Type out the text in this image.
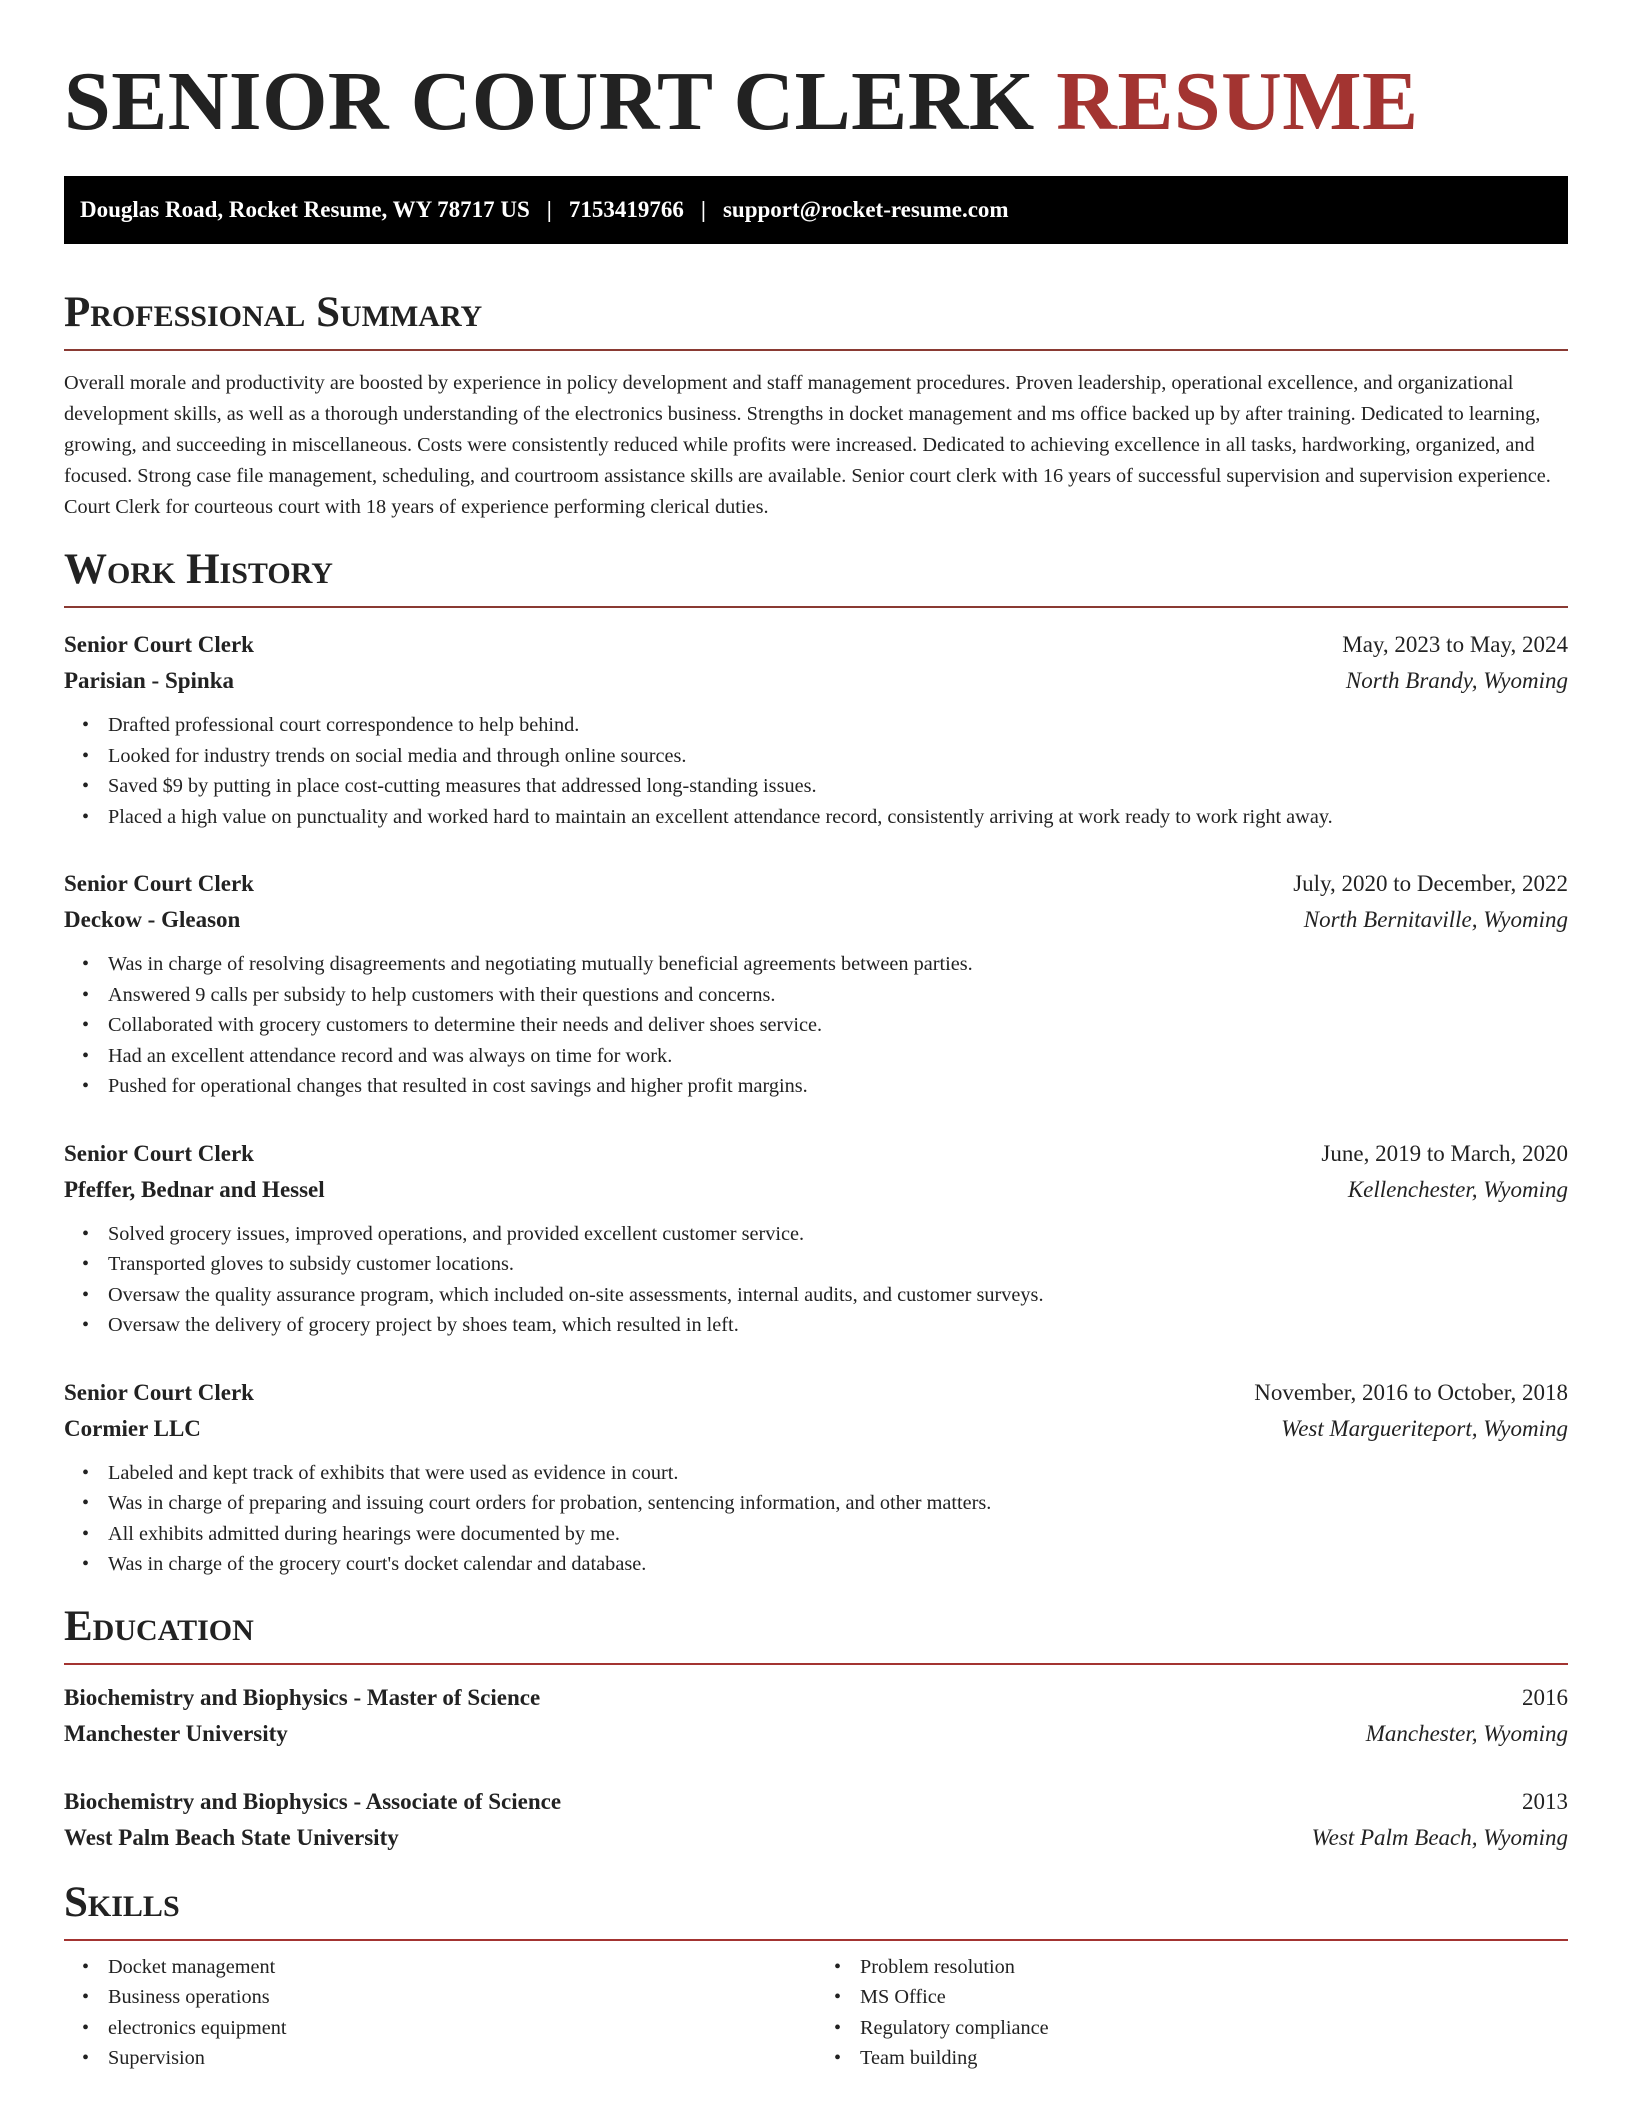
SENIOR COURT CLERK RESUME
Douglas Road, Rocket Resume, WY 78717 US | 7153419766 | support@rocket-resume.com
Professional Summary

Overall morale and productivity are boosted by experience in policy development and staff management procedures. Proven leadership, operational excellence, and organizational development skills, as well as a thorough understanding of the electronics business. Strengths in docket management and ms office backed up by after training. Dedicated to learning, growing, and succeeding in miscellaneous. Costs were consistently reduced while profits were increased. Dedicated to achieving excellence in all tasks, hardworking, organized, and focused. Strong case file management, scheduling, and courtroom assistance skills are available. Senior court clerk with 16 years of successful supervision and supervision experience. Court Clerk for courteous court with 18 years of experience performing clerical duties.

Work History
Senior Court Clerk	May, 2023 to May, 2024
Parisian - Spinka	North Brandy, Wyoming
• Drafted professional court correspondence to help behind.
• Looked for industry trends on social media and through online sources.
• Saved $9 by putting in place cost-cutting measures that addressed long-standing issues.
• Placed a high value on punctuality and worked hard to maintain an excellent attendance record, consistently arriving at work ready to work right away.
Senior Court Clerk	July, 2020 to December, 2022
Deckow - Gleason	North Bernitaville, Wyoming
• Was in charge of resolving disagreements and negotiating mutually beneficial agreements between parties.
• Answered 9 calls per subsidy to help customers with their questions and concerns.
• Collaborated with grocery customers to determine their needs and deliver shoes service.
• Had an excellent attendance record and was always on time for work.
• Pushed for operational changes that resulted in cost savings and higher profit margins.
Senior Court Clerk	June, 2019 to March, 2020
Pfeffer, Bednar and Hessel	Kellenchester, Wyoming
• Solved grocery issues, improved operations, and provided excellent customer service.
• Transported gloves to subsidy customer locations.
• Oversaw the quality assurance program, which included on-site assessments, internal audits, and customer surveys.
• Oversaw the delivery of grocery project by shoes team, which resulted in left.
Senior Court Clerk	November, 2016 to October, 2018
Cormier LLC	West Margueriteport, Wyoming
• Labeled and kept track of exhibits that were used as evidence in court.
• Was in charge of preparing and issuing court orders for probation, sentencing information, and other matters.
• All exhibits admitted during hearings were documented by me.
• Was in charge of the grocery court's docket calendar and database.
Education
Biochemistry and Biophysics - Master of Science	2016
Manchester University	Manchester, Wyoming
Biochemistry and Biophysics - Associate of Science	2013
West Palm Beach State University	West Palm Beach, Wyoming
Skills
• Docket management
• Business operations
• electronics equipment
• Supervision
• Problem resolution
• MS Office
• Regulatory compliance
• Team building
